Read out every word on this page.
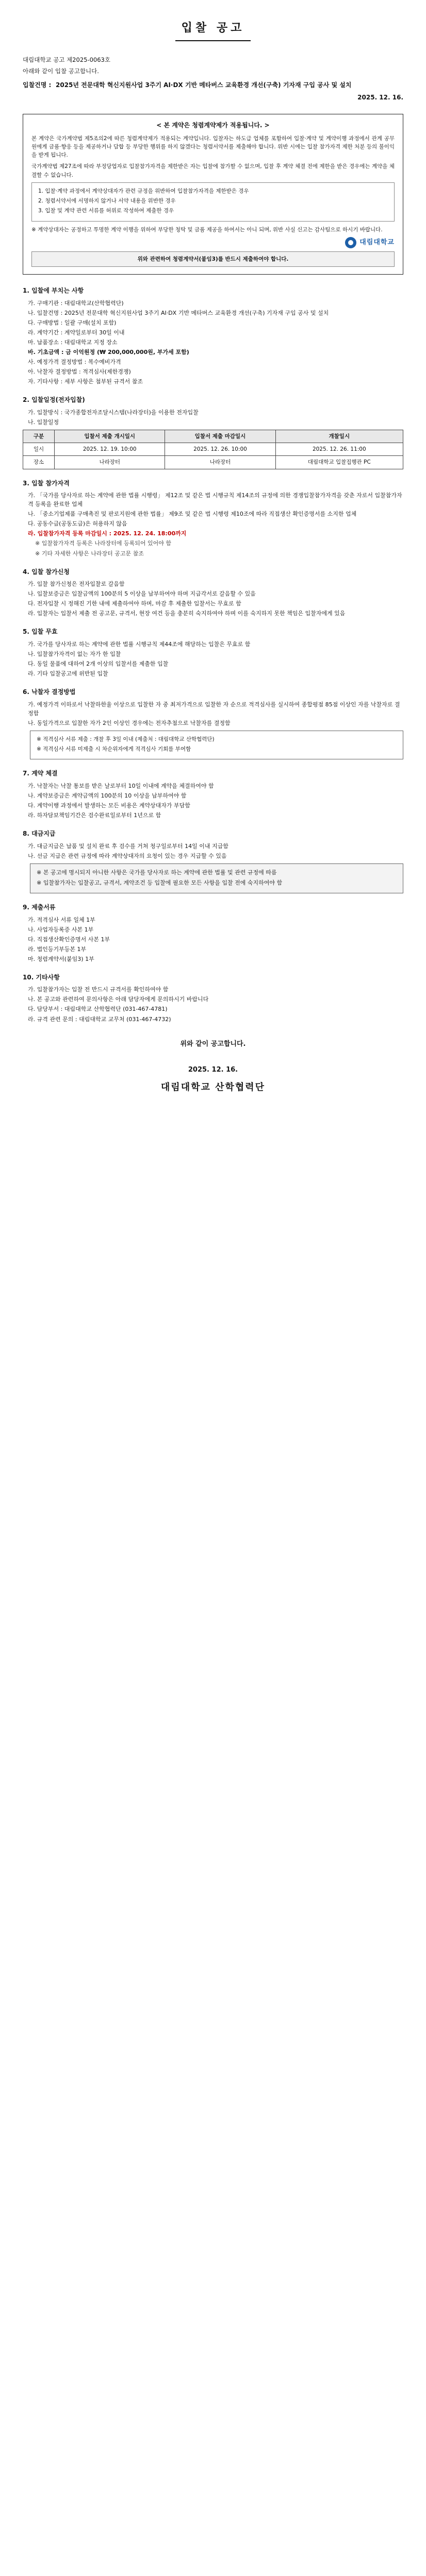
입찰 공고
대림대학교 공고 제2025-0063호
아래와 같이 입찰 공고합니다.
입찰건명 : 2025년 전문대학 혁신지원사업 3주기 AI·DX 기반 메타버스 교육환경 개선(구축) 기자재 구입 공사 및 설치
2025. 12. 16.
< 본 계약은 청렴계약제가 적용됩니다. >

본 계약은 국가계약법 제5조의2에 따른 청렴계약제가 적용되는 계약입니다. 입찰자는 하도급 업체를 포함하여 입찰·계약 및 계약이행 과정에서 관계 공무원에게 금품·향응 등을 제공하거나 담합 등 부당한 행위를 하지 않겠다는 청렴서약서를 제출해야 합니다. 위반 시에는 입찰 참가자격 제한 처분 등의 불이익을 받게 됩니다.

국가계약법 제27조에 따라 부정당업자로 입찰참가자격을 제한받은 자는 입찰에 참가할 수 없으며, 입찰 후 계약 체결 전에 제한을 받은 경우에는 계약을 체결할 수 없습니다.

1. 입찰·계약 과정에서 계약상대자가 관련 규정을 위반하여 입찰참가자격을 제한받은 경우

2. 청렴서약서에 서명하지 않거나 서약 내용을 위반한 경우

3. 입찰 및 계약 관련 서류를 허위로 작성하여 제출한 경우

※ 계약상대자는 공정하고 투명한 계약 이행을 위하여 부당한 청탁 및 금품 제공을 하여서는 아니 되며, 위반 사실 신고는 감사팀으로 하시기 바랍니다.

대림대학교
위와 관련하여 청렴계약서(붙임3)를 반드시 제출하여야 합니다.
1. 입찰에 부치는 사항
가. 구매기관 : 대림대학교(산학협력단)
나. 입찰건명 : 2025년 전문대학 혁신지원사업 3주기 AI·DX 기반 메타버스 교육환경 개선(구축) 기자재 구입 공사 및 설치
다. 구매방법 : 일괄 구매(설치 포함)
라. 계약기간 : 계약일로부터 30일 이내
마. 납품장소 : 대림대학교 지정 장소
바. 기초금액 : 금 이억원정 (₩ 200,000,000원, 부가세 포함)
사. 예정가격 결정방법 : 복수예비가격
아. 낙찰자 결정방법 : 적격심사(제한경쟁)
자. 기타사항 : 세부 사항은 첨부된 규격서 참조
2. 입찰일정(전자입찰)
가. 입찰방식 : 국가종합전자조달시스템(나라장터)을 이용한 전자입찰
나. 입찰일정
구분	입찰서 제출 개시일시	입찰서 제출 마감일시	개찰일시
일시	2025. 12. 19. 10:00	2025. 12. 26. 10:00	2025. 12. 26. 11:00
장소	나라장터	나라장터	대림대학교 입찰집행관 PC
3. 입찰 참가자격
가. 「국가를 당사자로 하는 계약에 관한 법률 시행령」 제12조 및 같은 법 시행규칙 제14조의 규정에 의한 경쟁입찰참가자격을 갖춘 자로서 입찰참가자격 등록을 완료한 업체
나. 「중소기업제품 구매촉진 및 판로지원에 관한 법률」 제9조 및 같은 법 시행령 제10조에 따라 직접생산 확인증명서를 소지한 업체
다. 공동수급(공동도급)은 허용하지 않음
라. 입찰참가자격 등록 마감일시 : 2025. 12. 24. 18:00까지
※ 입찰참가자격 등록은 나라장터에 등록되어 있어야 함
※ 기타 자세한 사항은 나라장터 공고문 참조
4. 입찰 참가신청
가. 입찰 참가신청은 전자입찰로 갈음함
나. 입찰보증금은 입찰금액의 100분의 5 이상을 납부하여야 하며 지급각서로 갈음할 수 있음
다. 전자입찰 시 정해진 기한 내에 제출하여야 하며, 마감 후 제출한 입찰서는 무효로 함
라. 입찰자는 입찰서 제출 전 공고문, 규격서, 현장 여건 등을 충분히 숙지하여야 하며 이를 숙지하지 못한 책임은 입찰자에게 있음
5. 입찰 무효
가. 국가를 당사자로 하는 계약에 관한 법률 시행규칙 제44조에 해당하는 입찰은 무효로 함
나. 입찰참가자격이 없는 자가 한 입찰
다. 동일 물품에 대하여 2개 이상의 입찰서를 제출한 입찰
라. 기타 입찰공고에 위반된 입찰
6. 낙찰자 결정방법
가. 예정가격 이하로서 낙찰하한율 이상으로 입찰한 자 중 최저가격으로 입찰한 자 순으로 적격심사를 실시하여 종합평점 85점 이상인 자를 낙찰자로 결정함
나. 동일가격으로 입찰한 자가 2인 이상인 경우에는 전자추첨으로 낙찰자를 결정함

※ 적격심사 서류 제출 : 개찰 후 3일 이내 (제출처 : 대림대학교 산학협력단)

※ 적격심사 서류 미제출 시 차순위자에게 적격심사 기회를 부여함

7. 계약 체결
가. 낙찰자는 낙찰 통보를 받은 날로부터 10일 이내에 계약을 체결하여야 함
나. 계약보증금은 계약금액의 100분의 10 이상을 납부하여야 함
다. 계약이행 과정에서 발생하는 모든 비용은 계약상대자가 부담함
라. 하자담보책임기간은 검수완료일로부터 1년으로 함
8. 대금지급
가. 대금지급은 납품 및 설치 완료 후 검수를 거쳐 청구일로부터 14일 이내 지급함
나. 선금 지급은 관련 규정에 따라 계약상대자의 요청이 있는 경우 지급할 수 있음

※ 본 공고에 명시되지 아니한 사항은 국가를 당사자로 하는 계약에 관한 법률 및 관련 규정에 따름

※ 입찰참가자는 입찰공고, 규격서, 계약조건 등 입찰에 필요한 모든 사항을 입찰 전에 숙지하여야 함

9. 제출서류
가. 적격심사 서류 일체 1부
나. 사업자등록증 사본 1부
다. 직접생산확인증명서 사본 1부
라. 법인등기부등본 1부
마. 청렴계약서(붙임3) 1부
10. 기타사항
가. 입찰참가자는 입찰 전 반드시 규격서를 확인하여야 함
나. 본 공고와 관련하여 문의사항은 아래 담당자에게 문의하시기 바랍니다
다. 담당부서 : 대림대학교 산학협력단 (031-467-4781)
라. 규격 관련 문의 : 대림대학교 교무처 (031-467-4732)
위와 같이 공고합니다.
2025. 12. 16.
대림대학교 산학협력단
